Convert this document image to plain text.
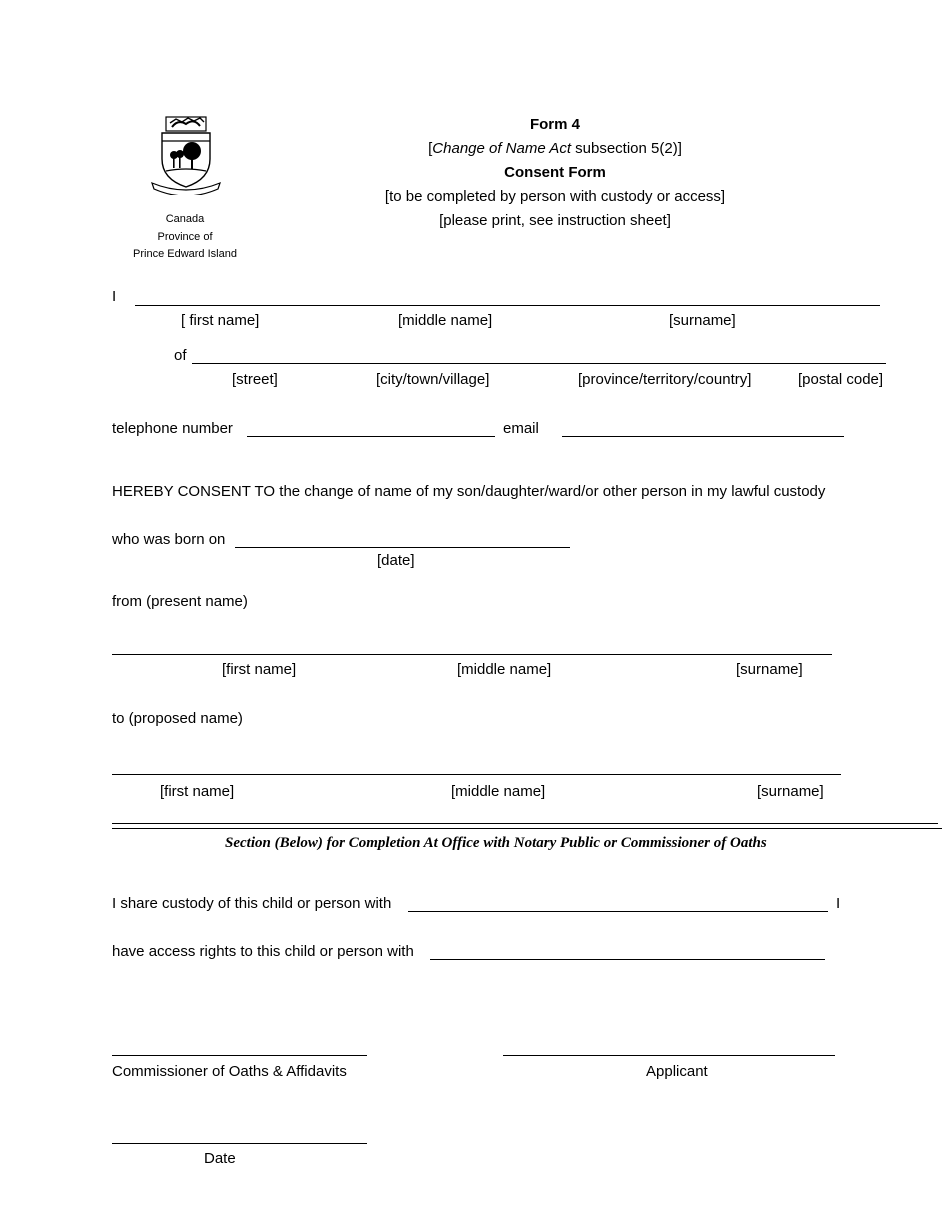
Canada
Province of
Prince Edward Island
Form 4
[Change of Name Act subsection 5(2)]
Consent Form
[to be completed by person with custody or access]
[please print, see instruction sheet]
I
[ first name]	[middle name]	[surname]
of
[street]	[city/town/village]	[province/territory/country]	[postal code]
telephone number	email
HEREBY CONSENT TO the change of name of my son/daughter/ward/or other person in my lawful custody
who was born on
[date]
from (present name)
[first name]	[middle name]	[surname]
to (proposed name)
[first name]	[middle name]	[surname]
Section (Below) for Completion At Office with Notary Public or Commissioner of Oaths
I share custody of this child or person with	I
have access rights to this child or person with
Commissioner of Oaths & Affidavits	Applicant
Date
